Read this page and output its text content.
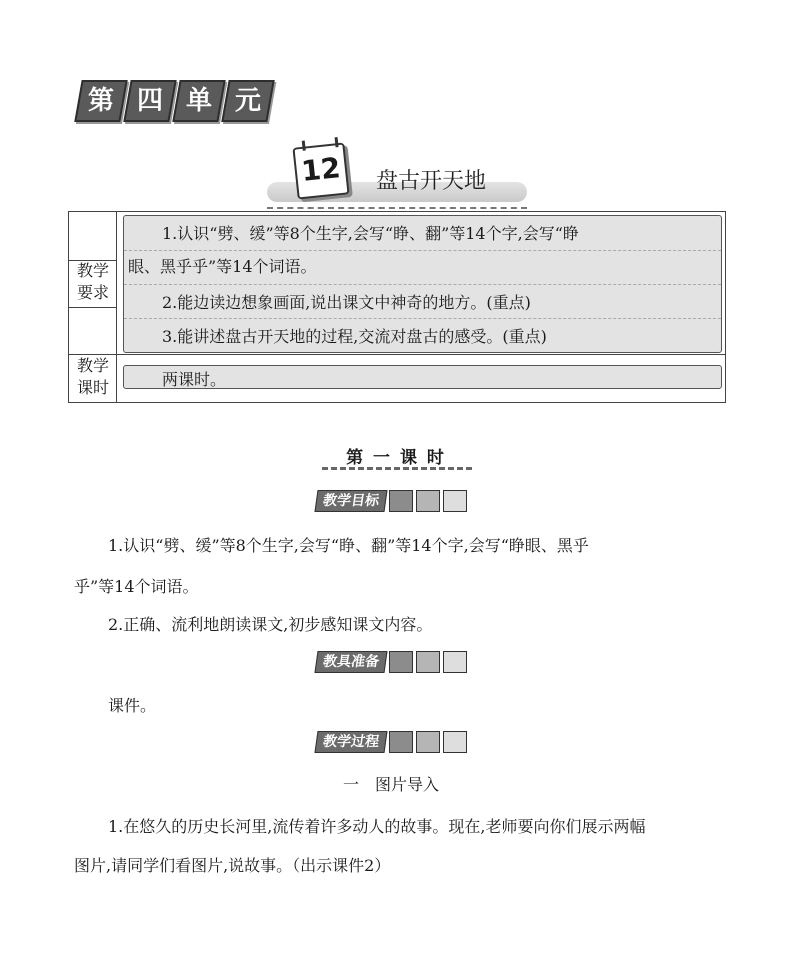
第 四 单 元
12 盘古开天地
教学
要求
1.认识“劈、缓”等8个生字,会写“睁、翻”等14个字,会写“睁
眼、黑乎乎”等14个词语。
2.能边读边想象画面,说出课文中神奇的地方。(重点)
3.能讲述盘古开天地的过程,交流对盘古的感受。(重点)
教学
课时	两课时。
第 一 课 时
教学目标
1.认识“劈、缓”等8个生字,会写“睁、翻”等14个字,会写“睁眼、黑乎
乎”等14个词语。
2.正确、流利地朗读课文,初步感知课文内容。
教具准备
课件。
教学过程
一　图片导入
1.在悠久的历史长河里,流传着许多动人的故事。现在,老师要向你们展示两幅
图片,请同学们看图片,说故事。（出示课件2）
